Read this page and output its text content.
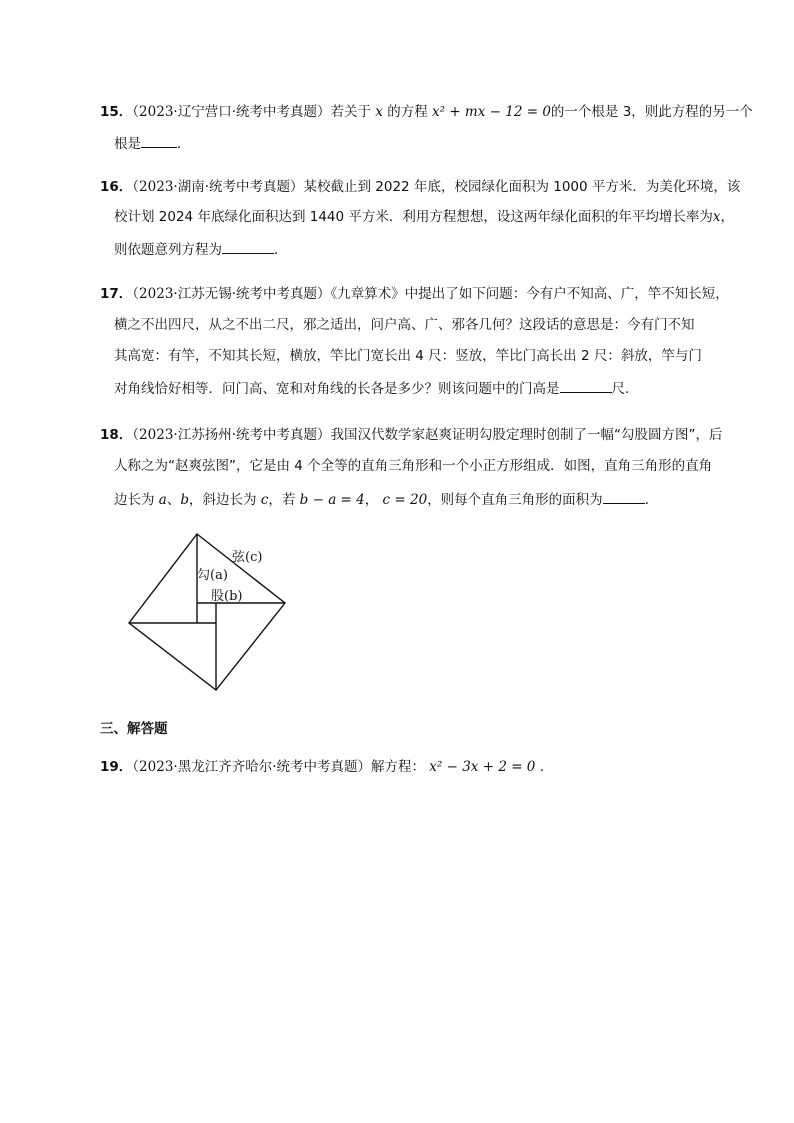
15．（2023·辽宁营口·统考中考真题）若关于 x 的方程 x² + mx − 12 = 0的一个根是 3，则此方程的另一个
根是	．
16．（2023·湖南·统考中考真题）某校截止到 2022 年底，校园绿化面积为 1000 平方米．为美化环境，该
校计划 2024 年底绿化面积达到 1440 平方米．利用方程想想，设这两年绿化面积的年平均增长率为x，
则依题意列方程为	．
17．（2023·江苏无锡·统考中考真题）《九章算术》中提出了如下问题：今有户不知高、广，竿不知长短，
横之不出四尺，从之不出二尺，邪之适出，问户高、广、邪各几何？这段话的意思是：今有门不知
其高宽：有竿，不知其长短，横放，竿比门宽长出 4 尺：竖放，竿比门高长出 2 尺：斜放，竿与门
对角线恰好相等．问门高、宽和对角线的长各是多少？则该问题中的门高是	尺．
18．（2023·江苏扬州·统考中考真题）我国汉代数学家赵爽证明勾股定理时创制了一幅“勾股圆方图”，后
人称之为“赵爽弦图”，它是由 4 个全等的直角三角形和一个小正方形组成．如图，直角三角形的直角
边长为 a、b，斜边长为 c，若 b − a = 4， c = 20，则每个直角三角形的面积为	．
弦(c)
勾(a)
股(b)
三、解答题
19．（2023·黑龙江齐齐哈尔·统考中考真题）解方程： x² − 3x + 2 = 0 ．
